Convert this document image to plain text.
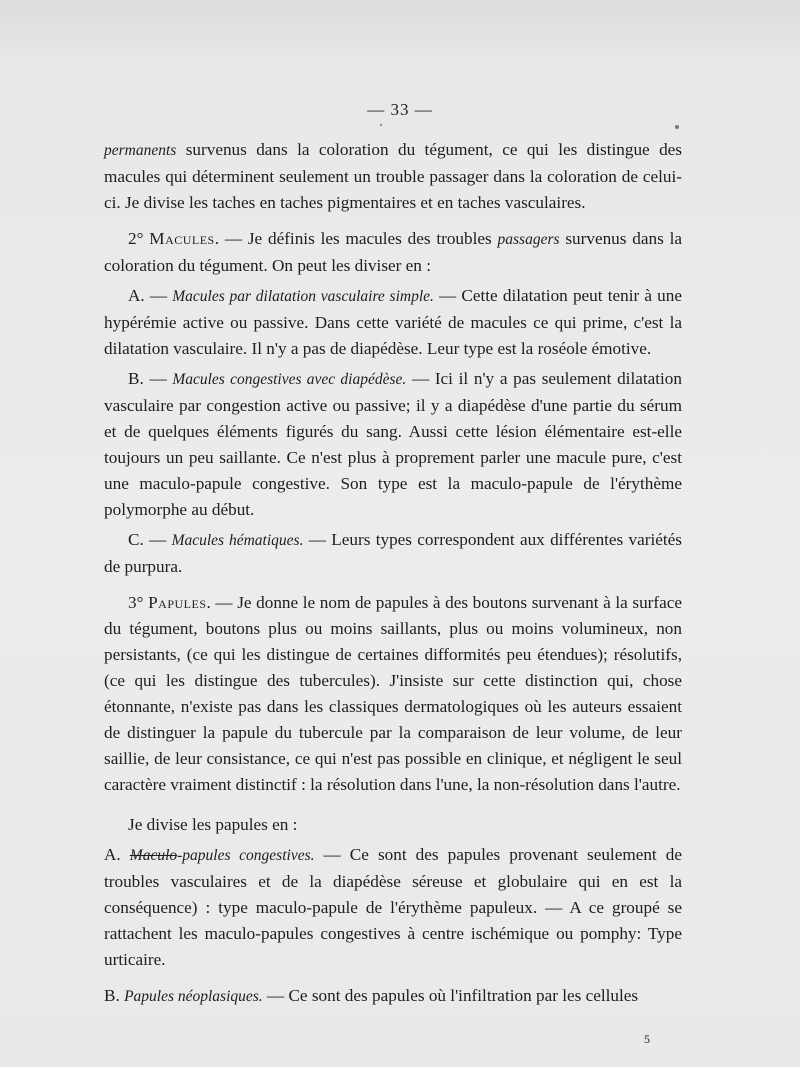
— 33 —

permanents survenus dans la coloration du tégument, ce qui les distingue des macules qui déterminent seulement un trouble passager dans la coloration de celui-ci. Je divise les taches en taches pigmentaires et en taches vasculaires.

2° Macules. — Je définis les macules des troubles passagers survenus dans la coloration du tégument. On peut les diviser en :

A. — Macules par dilatation vasculaire simple. — Cette dilatation peut tenir à une hypérémie active ou passive. Dans cette variété de macules ce qui prime, c'est la dilatation vasculaire. Il n'y a pas de diapédèse. Leur type est la roséole émotive.

B. — Macules congestives avec diapédèse. — Ici il n'y a pas seulement dilatation vasculaire par congestion active ou passive; il y a diapédèse d'une partie du sérum et de quelques éléments figurés du sang. Aussi cette lésion élémentaire est-elle toujours un peu saillante. Ce n'est plus à proprement parler une macule pure, c'est une maculo-papule congestive. Son type est la maculo-papule de l'érythème polymorphe au début.

C. — Macules hématiques. — Leurs types correspondent aux différentes variétés de purpura.

3° Papules. — Je donne le nom de papules à des boutons survenant à la surface du tégument, boutons plus ou moins saillants, plus ou moins volumineux, non persistants, (ce qui les distingue de certaines difformités peu étendues); résolutifs, (ce qui les distingue des tubercules). J'insiste sur cette distinction qui, chose étonnante, n'existe pas dans les classiques dermatologiques où les auteurs essaient de distinguer la papule du tubercule par la comparaison de leur volume, de leur saillie, de leur consistance, ce qui n'est pas possible en clinique, et négligent le seul caractère vraiment distinctif : la résolution dans l'une, la non-résolution dans l'autre.

Je divise les papules en :

A. Maculo-papules congestives. — Ce sont des papules provenant seulement de troubles vasculaires et de la diapédèse séreuse et globulaire qui en est la conséquence) : type maculo-papule de l'érythème papuleux. — A ce groupé se rattachent les maculo-papules congestives à centre ischémique ou pomphy: Type urticaire.

B. Papules néoplasiques. — Ce sont des papules où l'infiltration par les cellules

5
